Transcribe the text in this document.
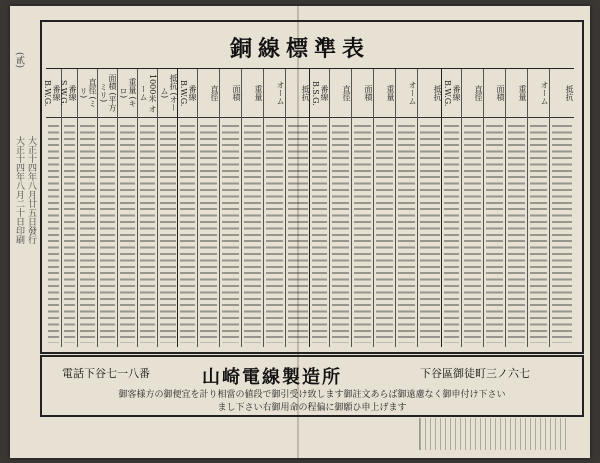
(貳)
大正十四年八月二十日印刷 大正十四年八月廿五日發行
銅線標準表
番線 B.W.G.	番線 S.W.G.	直徑 (ミリ)	面積 (平方ミリ)	重量 (キロ)	1000米 オーム	抵抗 (オーム)	番線 B.W.G.	直徑	面積	重量	オーム	抵抗	番線 B.S.G.	直徑	面積	重量	オーム	抵抗	番線 B.W.G.	直徑	面積	重量	オーム	抵抗
電話下谷七一八番	山崎電線製造所	下谷區御徒町三ノ六七
御客様方の御便宜を計り相當の値段で御引受け致します御註文あらば御遠慮なく御申付け下さい
まし下さい右御用命の程偏に御願ひ申上げます
